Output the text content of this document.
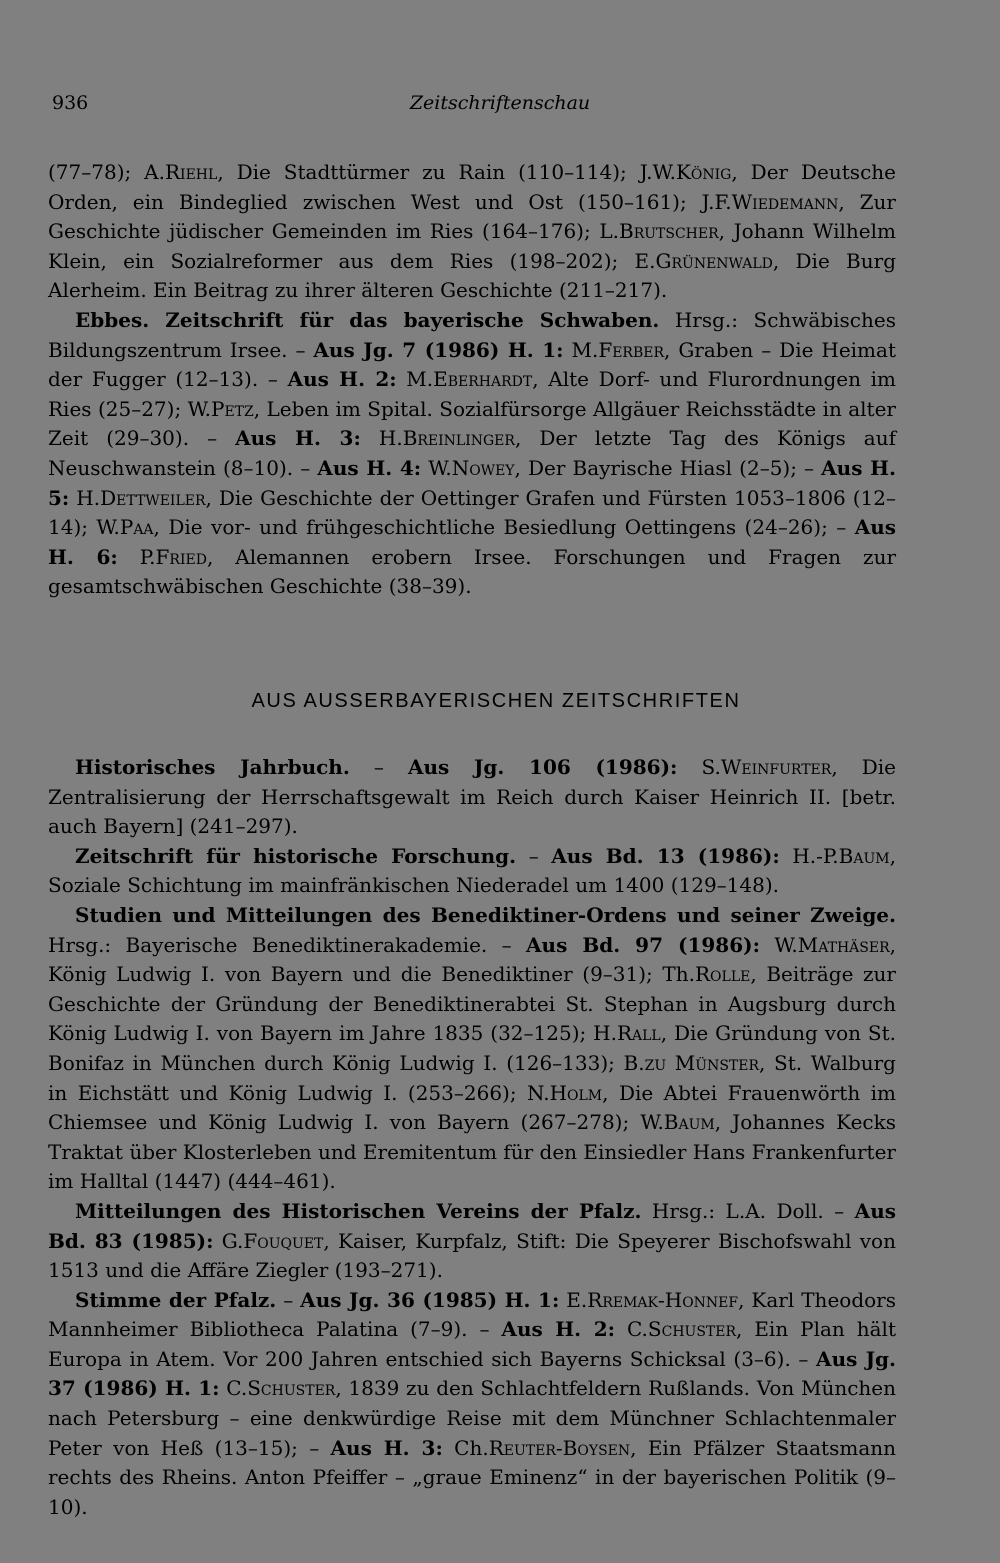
936	Zeitschriftenschau

(77–78); A.Riehl, Die Stadttürmer zu Rain (110–114); J.W.König, Der Deutsche Orden, ein Bindeglied zwischen West und Ost (150–161); J.F.Wiedemann, Zur Geschichte jüdischer Gemeinden im Ries (164–176); L.Brutscher, Johann Wilhelm Klein, ein Sozialreformer aus dem Ries (198–202); E.Grünenwald, Die Burg Alerheim. Ein Beitrag zu ihrer älteren Geschichte (211–217).

Ebbes. Zeitschrift für das bayerische Schwaben. Hrsg.: Schwäbisches Bildungszentrum Irsee. – Aus Jg. 7 (1986) H. 1: M.Ferber, Graben – Die Heimat der Fugger (12–13). – Aus H. 2: M.Eberhardt, Alte Dorf- und Flurordnungen im Ries (25–27); W.Petz, Leben im Spital. Sozialfürsorge Allgäuer Reichsstädte in alter Zeit (29–30). – Aus H. 3: H.Breinlinger, Der letzte Tag des Königs auf Neuschwanstein (8–10). – Aus H. 4: W.Nowey, Der Bayrische Hiasl (2–5); – Aus H. 5: H.Dettweiler, Die Geschichte der Oettinger Grafen und Fürsten 1053–1806 (12–14); W.Paa, Die vor- und frühgeschichtliche Besiedlung Oettingens (24–26); – Aus H. 6: P.Fried, Alemannen erobern Irsee. Forschungen und Fragen zur gesamtschwäbischen Geschichte (38–39).

AUS AUSSERBAYERISCHEN ZEITSCHRIFTEN

Historisches Jahrbuch. – Aus Jg. 106 (1986): S.Weinfurter, Die Zentralisierung der Herrschaftsgewalt im Reich durch Kaiser Heinrich II. [betr. auch Bayern] (241–297).

Zeitschrift für historische Forschung. – Aus Bd. 13 (1986): H.-P.Baum, Soziale Schichtung im mainfränkischen Niederadel um 1400 (129–148).

Studien und Mitteilungen des Benediktiner-Ordens und seiner Zweige. Hrsg.: Bayerische Benediktinerakademie. – Aus Bd. 97 (1986): W.Mathäser, König Ludwig I. von Bayern und die Benediktiner (9–31); Th.Rolle, Beiträge zur Geschichte der Gründung der Benediktinerabtei St. Stephan in Augsburg durch König Ludwig I. von Bayern im Jahre 1835 (32–125); H.Rall, Die Gründung von St. Bonifaz in München durch König Ludwig I. (126–133); B.zu Münster, St. Walburg in Eichstätt und König Ludwig I. (253–266); N.Holm, Die Abtei Frauenwörth im Chiemsee und König Ludwig I. von Bayern (267–278); W.Baum, Johannes Kecks Traktat über Klosterleben und Eremitentum für den Einsiedler Hans Frankenfurter im Halltal (1447) (444–461).

Mitteilungen des Historischen Vereins der Pfalz. Hrsg.: L.A. Doll. – Aus Bd. 83 (1985): G.Fouquet, Kaiser, Kurpfalz, Stift: Die Speyerer Bischofswahl von 1513 und die Affäre Ziegler (193–271).

Stimme der Pfalz. – Aus Jg. 36 (1985) H. 1: E.Rremak-Honnef, Karl Theodors Mannheimer Bibliotheca Palatina (7–9). – Aus H. 2: C.Schuster, Ein Plan hält Europa in Atem. Vor 200 Jahren entschied sich Bayerns Schicksal (3–6). – Aus Jg. 37 (1986) H. 1: C.Schuster, 1839 zu den Schlachtfeldern Rußlands. Von München nach Petersburg – eine denkwürdige Reise mit dem Münchner Schlachtenmaler Peter von Heß (13–15); – Aus H. 3: Ch.Reuter-Boysen, Ein Pfälzer Staatsmann rechts des Rheins. Anton Pfeiffer – „graue Eminenz“ in der bayerischen Politik (9–10).
